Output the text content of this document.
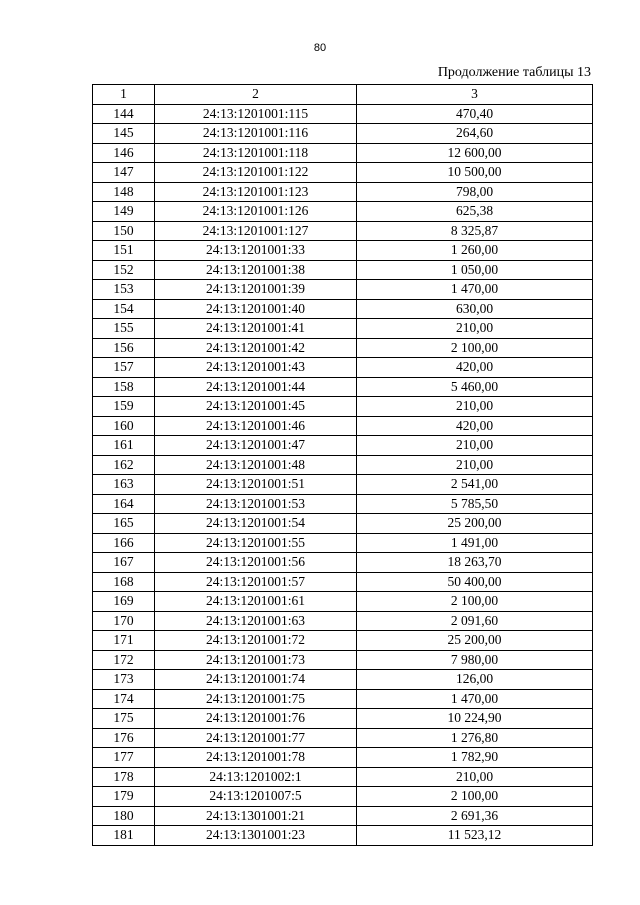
80
Продолжение таблицы 13
1	2	3
144	24:13:1201001:115	470,40
145	24:13:1201001:116	264,60
146	24:13:1201001:118	12 600,00
147	24:13:1201001:122	10 500,00
148	24:13:1201001:123	798,00
149	24:13:1201001:126	625,38
150	24:13:1201001:127	8 325,87
151	24:13:1201001:33	1 260,00
152	24:13:1201001:38	1 050,00
153	24:13:1201001:39	1 470,00
154	24:13:1201001:40	630,00
155	24:13:1201001:41	210,00
156	24:13:1201001:42	2 100,00
157	24:13:1201001:43	420,00
158	24:13:1201001:44	5 460,00
159	24:13:1201001:45	210,00
160	24:13:1201001:46	420,00
161	24:13:1201001:47	210,00
162	24:13:1201001:48	210,00
163	24:13:1201001:51	2 541,00
164	24:13:1201001:53	5 785,50
165	24:13:1201001:54	25 200,00
166	24:13:1201001:55	1 491,00
167	24:13:1201001:56	18 263,70
168	24:13:1201001:57	50 400,00
169	24:13:1201001:61	2 100,00
170	24:13:1201001:63	2 091,60
171	24:13:1201001:72	25 200,00
172	24:13:1201001:73	7 980,00
173	24:13:1201001:74	126,00
174	24:13:1201001:75	1 470,00
175	24:13:1201001:76	10 224,90
176	24:13:1201001:77	1 276,80
177	24:13:1201001:78	1 782,90
178	24:13:1201002:1	210,00
179	24:13:1201007:5	2 100,00
180	24:13:1301001:21	2 691,36
181	24:13:1301001:23	11 523,12
